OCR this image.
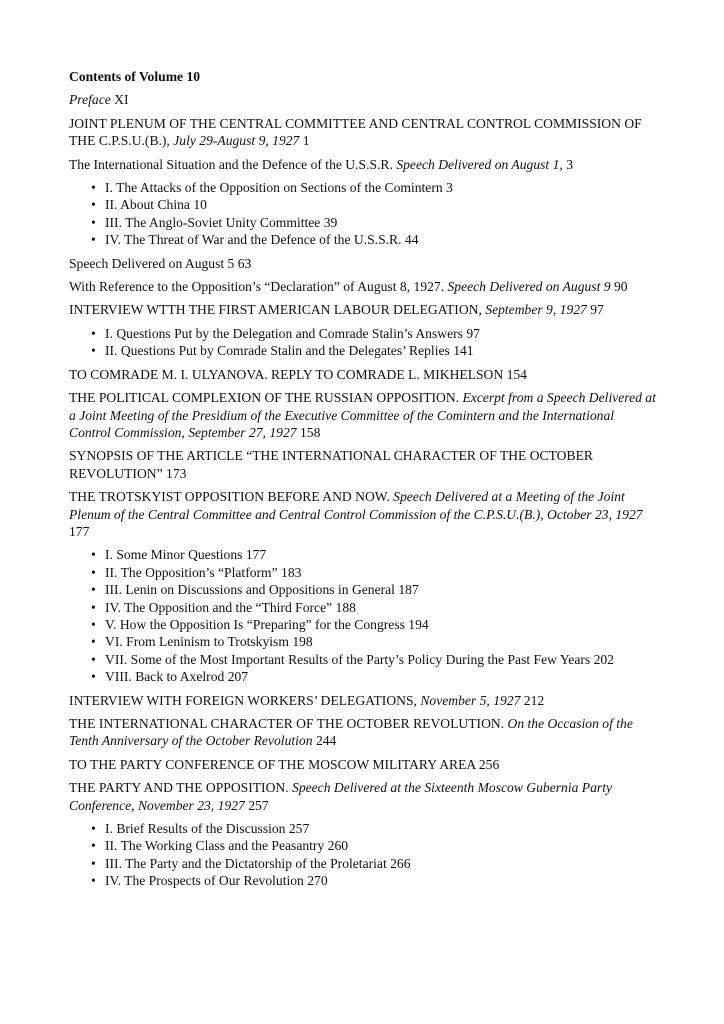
Contents of Volume 10

Preface XI

JOINT PLENUM OF THE CENTRAL COMMITTEE AND CENTRAL CONTROL COMMISSION OF THE C.P.S.U.(B.), July 29-August 9, 1927 1

The International Situation and the Defence of the U.S.S.R. Speech Delivered on August 1, 3

• I. The Attacks of the Opposition on Sections of the Comintern 3
• II. About China 10
• III. The Anglo-Soviet Unity Committee 39
• IV. The Threat of War and the Defence of the U.S.S.R. 44

Speech Delivered on August 5 63

With Reference to the Opposition’s “Declaration” of August 8, 1927. Speech Delivered on August 9 90

INTERVIEW WTTH THE FIRST AMERICAN LABOUR DELEGATION, September 9, 1927 97

• I. Questions Put by the Delegation and Comrade Stalin’s Answers 97
• II. Questions Put by Comrade Stalin and the Delegates’ Replies 141

TO COMRADE M. I. ULYANOVA. REPLY TO COMRADE L. MIKHELSON 154

THE POLITICAL COMPLEXION OF THE RUSSIAN OPPOSITION. Excerpt from a Speech Delivered at a Joint Meeting of the Presidium of the Executive Committee of the Comintern and the International Control Commission, September 27, 1927 158

SYNOPSIS OF THE ARTICLE “THE INTERNATIONAL CHARACTER OF THE OCTOBER REVOLUTION” 173

THE TROTSKYIST OPPOSITION BEFORE AND NOW. Speech Delivered at a Meeting of the Joint Plenum of the Central Committee and Central Control Commission of the C.P.S.U.(B.), October 23, 1927 177

• I. Some Minor Questions 177
• II. The Opposition’s “Platform” 183
• III. Lenin on Discussions and Oppositions in General 187
• IV. The Opposition and the “Third Force” 188
• V. How the Opposition Is “Preparing” for the Congress 194
• VI. From Leninism to Trotskyism 198
• VII. Some of the Most Important Results of the Party’s Policy During the Past Few Years 202
• VIII. Back to Axelrod 207

INTERVIEW WITH FOREIGN WORKERS’ DELEGATIONS, November 5, 1927 212

THE INTERNATIONAL CHARACTER OF THE OCTOBER REVOLUTION. On the Occasion of the Tenth Anniversary of the October Revolution 244

TO THE PARTY CONFERENCE OF THE MOSCOW MILITARY AREA 256

THE PARTY AND THE OPPOSITION. Speech Delivered at the Sixteenth Moscow Gubernia Party Conference, November 23, 1927 257

• I. Brief Results of the Discussion 257
• II. The Working Class and the Peasantry 260
• III. The Party and the Dictatorship of the Proletariat 266
• IV. The Prospects of Our Revolution 270
